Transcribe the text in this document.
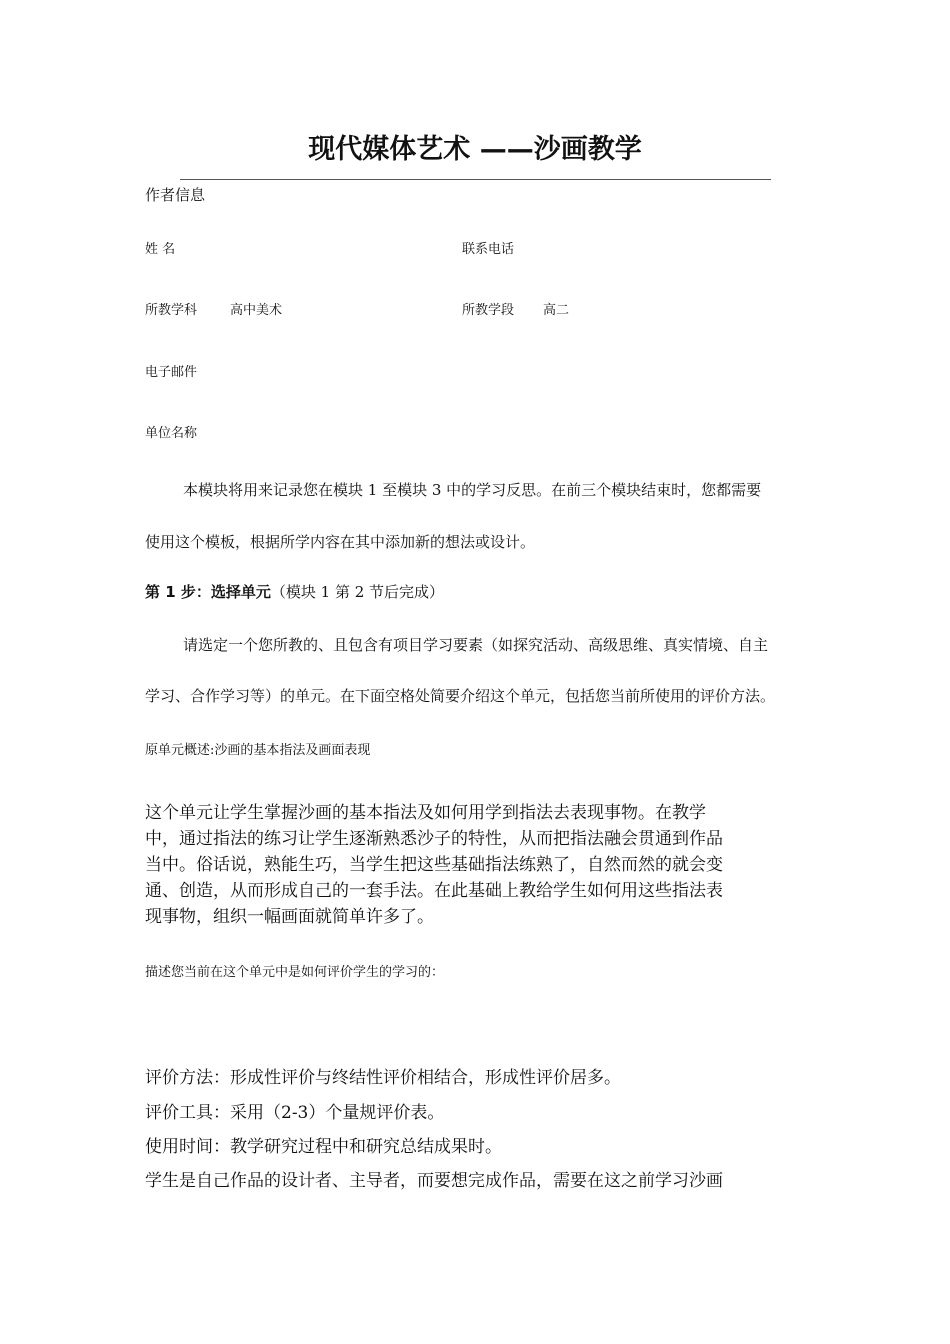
现代媒体艺术 ——沙画教学
作者信息
姓 名	联系电话
所教学科	高中美术	所教学段 高二
电子邮件
单位名称
本模块将用来记录您在模块 1 至模块 3 中的学习反思。在前三个模块结束时，您都需要
使用这个模板，根据所学内容在其中添加新的想法或设计。
第 1 步：选择单元（模块 1 第 2 节后完成）
请选定一个您所教的、且包含有项目学习要素（如探究活动、高级思维、真实情境、自主
学习、合作学习等）的单元。在下面空格处简要介绍这个单元，包括您当前所使用的评价方法。
原单元概述:沙画的基本指法及画面表现
这个单元让学生掌握沙画的基本指法及如何用学到指法去表现事物。在教学
中，通过指法的练习让学生逐渐熟悉沙子的特性，从而把指法融会贯通到作品
当中。俗话说，熟能生巧，当学生把这些基础指法练熟了，自然而然的就会变
通、创造，从而形成自己的一套手法。在此基础上教给学生如何用这些指法表
现事物，组织一幅画面就简单许多了。
描述您当前在这个单元中是如何评价学生的学习的：
评价方法：形成性评价与终结性评价相结合，形成性评价居多。
评价工具：采用（2-3）个量规评价表。
使用时间：教学研究过程中和研究总结成果时。
学生是自己作品的设计者、主导者，而要想完成作品，需要在这之前学习沙画
